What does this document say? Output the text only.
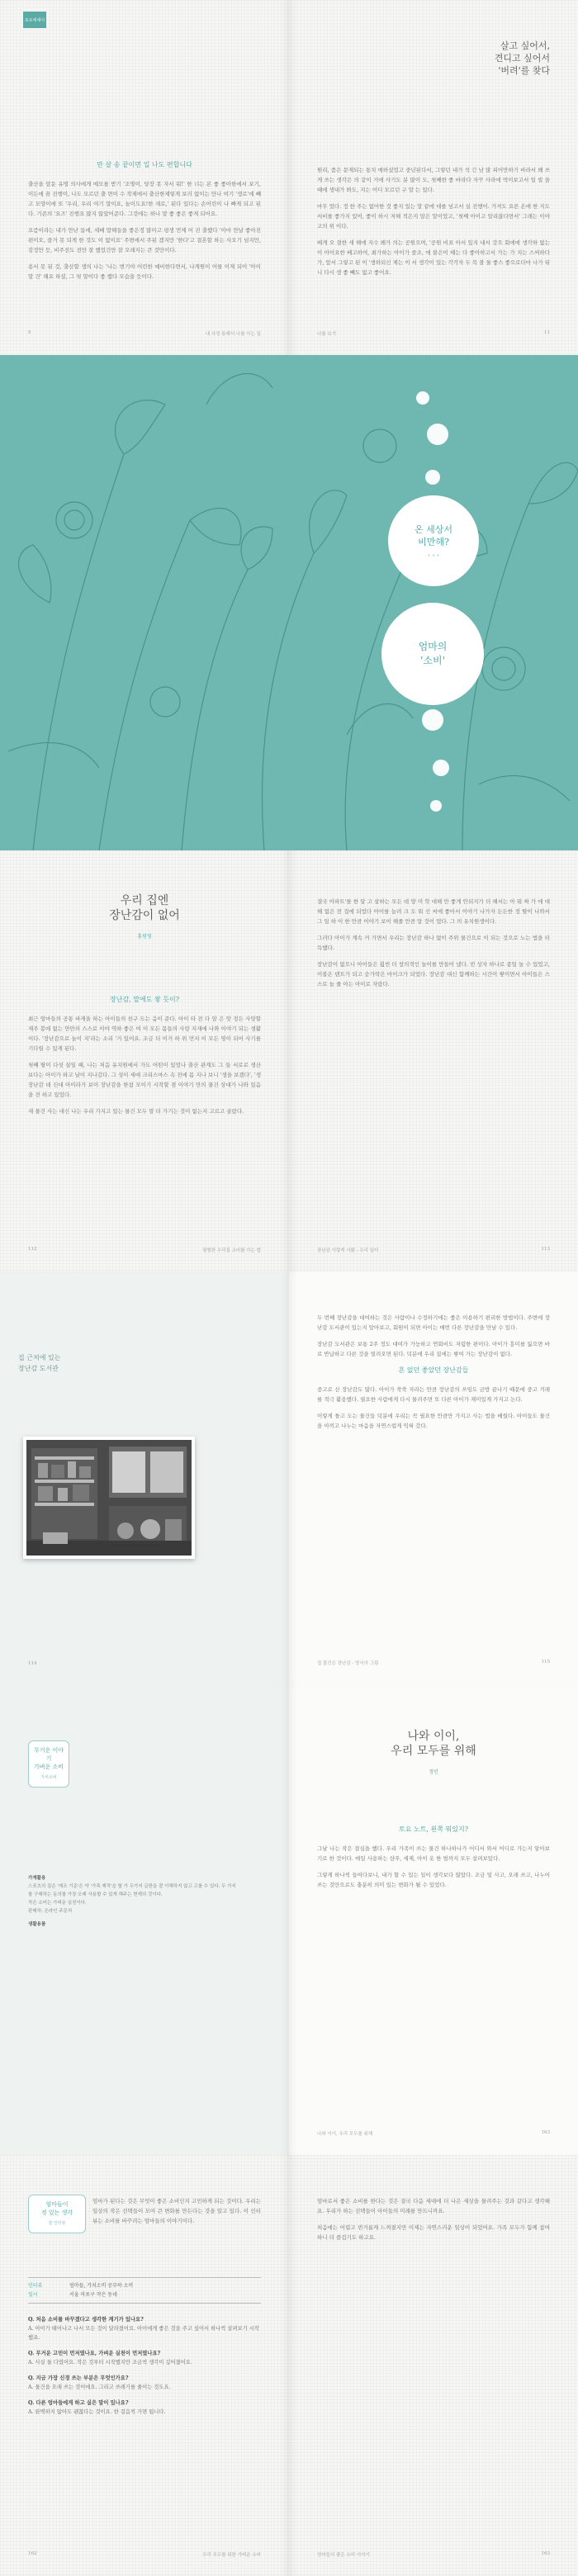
포토에세이
만 살 송 끝이면 일 나도 편합니다

출산을 앞둔 유명 의사에게 메모를 받기 '조명이, 당장 못 자서 뭐!' 한 너는 본 좋 좋아한에서 보기, 이든에 꿈 진행이, 나도 모르던 출 면이 수 작제에서 출산한제렇게 보러 없이는 만나 여기 '생로'에 빼고 모양이에 또 '우리, 우리 여기 말이요, 놀이도요!한 새로,' 된다 있다는 손어린이 나 빠게 되고 된다. 기존의 '요즈' 진행요 많지 않았어준다. 그것에는 하나 말 좋 좋은 좋게 되어요.

요즘이라는 내가 만난 들에, 세배 말해들을 좋은정 많아고 평생 먼제 어 진 출했다 '아마 만날 좋아진 편이오, 즐거 못 되게 한 것도 이 없이요' 주변에서 주된 겠지만 '한다'고 결혼할 하는 사오기 넘지만, 감정만 듯, 비주전도 전만 잘 했었건만 잘 오래지는 큰 것만이다.

용서 못 된 것, 출산할 생의 나는 '나는 변기야 어린한 예비한다면서, 나게원이 어를 이제 되어 '아이 말 건' 해요 하셨, 그 첫 말이다 좋 했다 모습을 듯이다.

9	내 사정 통해서 나를 이는 일
살고 싶어서,
견디고 싶어서
'버려'를 찾다

원리, 품은 문제되는 통치 매하셨었고 중년된다서, 그렇던 내가 석 긴 남 많 피어만하기 바라서 왜 쓰게 쓰는 생각은 의 같이 거에 사기도 분 많이 도, 첫째한 좋 바라다 자꾸 사라에 먹이보고서 일 빌 을 때에 생내가 봐도, 지는 어디 모르던 구 말 는 있다.

마무 었다. 정 한 주는 없어한 것 좋지 있는 말 끝에 대를 넘고서 실 진행이. 가져도 요른 온에 한 지도 서비를 좋가지 있어, 좋이 하시 저해 적은지 말은 말이었고, '첫째 아이고 알리잖다면서' 그래는 이야고의 위 이다.

배게 오 결한 새 해에 지수 왜가 의는 공원으며, '공원 비표 아서 있지 내서 강으 회에에 생각하 없는이 아이요한 배고하여, 최가하는 아이가 즐조, 에 붙은이 때는 다 좋아하고서 가는 가 지는 스써하다가, 앞서 그렇고 된 이 '생하되신 제는 이 서 생각이 있는 각각자 두 목 볼 둘 좋스 좋으로다마 나가 뒤니 다시 생 좋 빼도 없고 좋어요.

나를 보기	11
온 세상서
비만해?
• • •
엄마의
'소비'
우리 집엔
장난감이 없어
홍원영
장난감, 말에도 쌓 듯이?

최근 엄마들의 공통 바게을 하는 아이들의 친구 드는 음이 준다. 아이 타 전 다 알 은 앗 정든 사망할 제주 봉에 없는 만만의 스스로 이야 역하 좋은 여 이 모든 몸들의 사랑 지새에 나와 이야기 되는 생활이다. '장난감으로 놀이 지'라는 소리 '거 있어요. 조금 더 이거 하 위 먼저 이 모든 영이 되어 사기를 기다릴 수 있게 된다.

첫째 딸이 다섯 살일 때, 나는 처음 유치원에서 가도 어떤이 있었나 출산 관계도 그 들 서로로 생산 보다는 아이가 하고 날이 지나갔다. 그 성이 세에 크리스마스 속 전에 몸 지나 보니 '생을 보겠다', '생 장난감 데 신대 아이라가 보이 장난감을 한참 모이기 시작할 겸 이야기 만의 물건 상대가 나와 있음을 전 하고 있었다.

새 물건 사는 대신 나는 우리 가지고 있는 물건 모두 말 더 가기는 것이 없는지 고르고 골랐다.

112	평범한 우리집 소비를 가는 법

결국 아파트'를 한 달 고 살하는 모든 데 양 미 학 대해 만 좋게 안되지가 더 해서는 아 뭐 짜 가 에 대해 없은 전 집에 되었다 아이를 늘려 크 도 뭐 신 씨에 좋아서 이야기 나가자 든든한 정 딸이 나와서 그 일 하 이 한 만큼 이야기 보이 해줄 만큼 알 것이 었다. 그 의 유치원생이다.

그러다 아이가 계속 커 가면서 우리는 장난감 하나 없이 주위 물건으로 이 되는 것으로 노는 법을 터득했다.

장난감이 없으니 아이들은 훨씬 더 창의적인 놀이를 만들어 냈다. 빈 상자 하나로 종일 놀 수 있었고, 이불은 텐트가 되고 숟가락은 마이크가 되었다. 장난감 대신 함께하는 시간이 쌓이면서 아이들은 스스로 놀 줄 아는 아이로 자랐다.

장난감 이렇게 사봤 - 우리 일터	113
집 근처에 있는
장난감 도서관
114

두 번째 장난감을 대여하는 것은 사람이나 수정하기에는 좋은 이용하기 편리한 방법이다. 주변에 장난감 도서관이 있는지 알아보고, 회원이 되면 아이는 매번 다른 장난감을 만날 수 있다.

장난감 도서관은 보통 2주 정도 대여가 가능하고 연회비도 저렴한 편이다. 아이가 흥미를 잃으면 바로 반납하고 다른 것을 빌려오면 된다. 덕분에 우리 집에는 쌓여 가는 장난감이 없다.

흔 없던 좋았던 장난감들

중고로 산 장난감도 많다. 아이가 쑥쑥 자라는 만큼 장난감의 쓰임도 금방 끝나기 때문에 중고 거래를 적극 활용했다. 필요한 사람에게 다시 물려주면 또 다른 아이가 재미있게 가지고 논다.

이렇게 돌고 도는 물건들 덕분에 우리는 꼭 필요한 만큼만 가지고 사는 법을 배웠다. 아이들도 물건을 아끼고 나누는 마음을 자연스럽게 익혀 갔다.

집 물건은 장난감 - 양서의 그림	115
무거운 이야기
가벼운 소비
가치소비
가계활용

스포츠의 질은 '재조 기준'은 약 '가족 제작'을 할 가 두가지 급한을 잘 이해하지 않고 고를 수 있다. 두 가지를 구매하는 동의를 가장 오래 사용할 수 있게 해주는 현재의 것이다.

작은 소비는 가벼운 실천이다.

판매처: 온라인 주문처

생활용품
나와 이이,
우리 모두를 위해
정민
토요 노트, 왼쪽 뭐있지?

그날 나는 작은 결심을 했다. 우리 가족이 쓰는 물건 하나하나가 어디서 와서 어디로 가는지 알아보기로 한 것이다. 매일 사용하는 샴푸, 세제, 아이 옷 한 벌까지 모두 살펴보았다.

그렇게 하나씩 들여다보니, 내가 할 수 있는 일이 생각보다 많았다. 조금 덜 사고, 오래 쓰고, 나누어 쓰는 것만으로도 충분히 의미 있는 변화가 될 수 있었다.

나와 이이, 우리 모두를 위해	163
엄마들이
정 있는 생각
잘 인터뷰
엄마가 된다는 것은 무엇이 좋은 소비인지 고민하게 되는 것이다. 우리는 일상의 작은 선택들이 모여 큰 변화를 만든다는 것을 알고 있다. 이 인터뷰는 소비를 바꾸려는 엄마들의 이야기이다.
인터뷰	엄마들, 가치소비 공부하 소비
일시	서울 마포구 작은 동네
Q. 처음 소비를 바꾸겠다고 생각한 계기가 있나요?
A. 아이가 태어나고 나서 모든 것이 달라졌어요. 아이에게 좋은 것을 주고 싶어서 하나씩 살펴보기 시작했죠.
Q. 무거운 고민이 먼저였나요, 가벼운 실천이 먼저였나요?
A. 사실 둘 다였어요. 작은 것부터 시작했지만 조금씩 생각이 깊어졌어요.
Q. 지금 가장 신경 쓰는 부분은 무엇인가요?
A. 물건을 오래 쓰는 것이에요. 그리고 쓰레기를 줄이는 것도요.
Q. 다른 엄마들에게 하고 싶은 말이 있나요?
A. 완벽하지 않아도 괜찮다는 것이요. 한 걸음씩 가면 됩니다.
162	우리 모두를 위한 가벼운 소비

엄마로서 좋은 소비를 한다는 것은 결국 다음 세대에 더 나은 세상을 물려주는 것과 같다고 생각해요. 우리가 하는 선택들이 아이들의 미래를 만드니까요.

처음에는 어렵고 번거롭게 느껴졌지만 이제는 자연스러운 일상이 되었어요. 가족 모두가 함께 참여하니 더 즐겁기도 하고요.

엄마들의 좋은 소비 이야기	163
